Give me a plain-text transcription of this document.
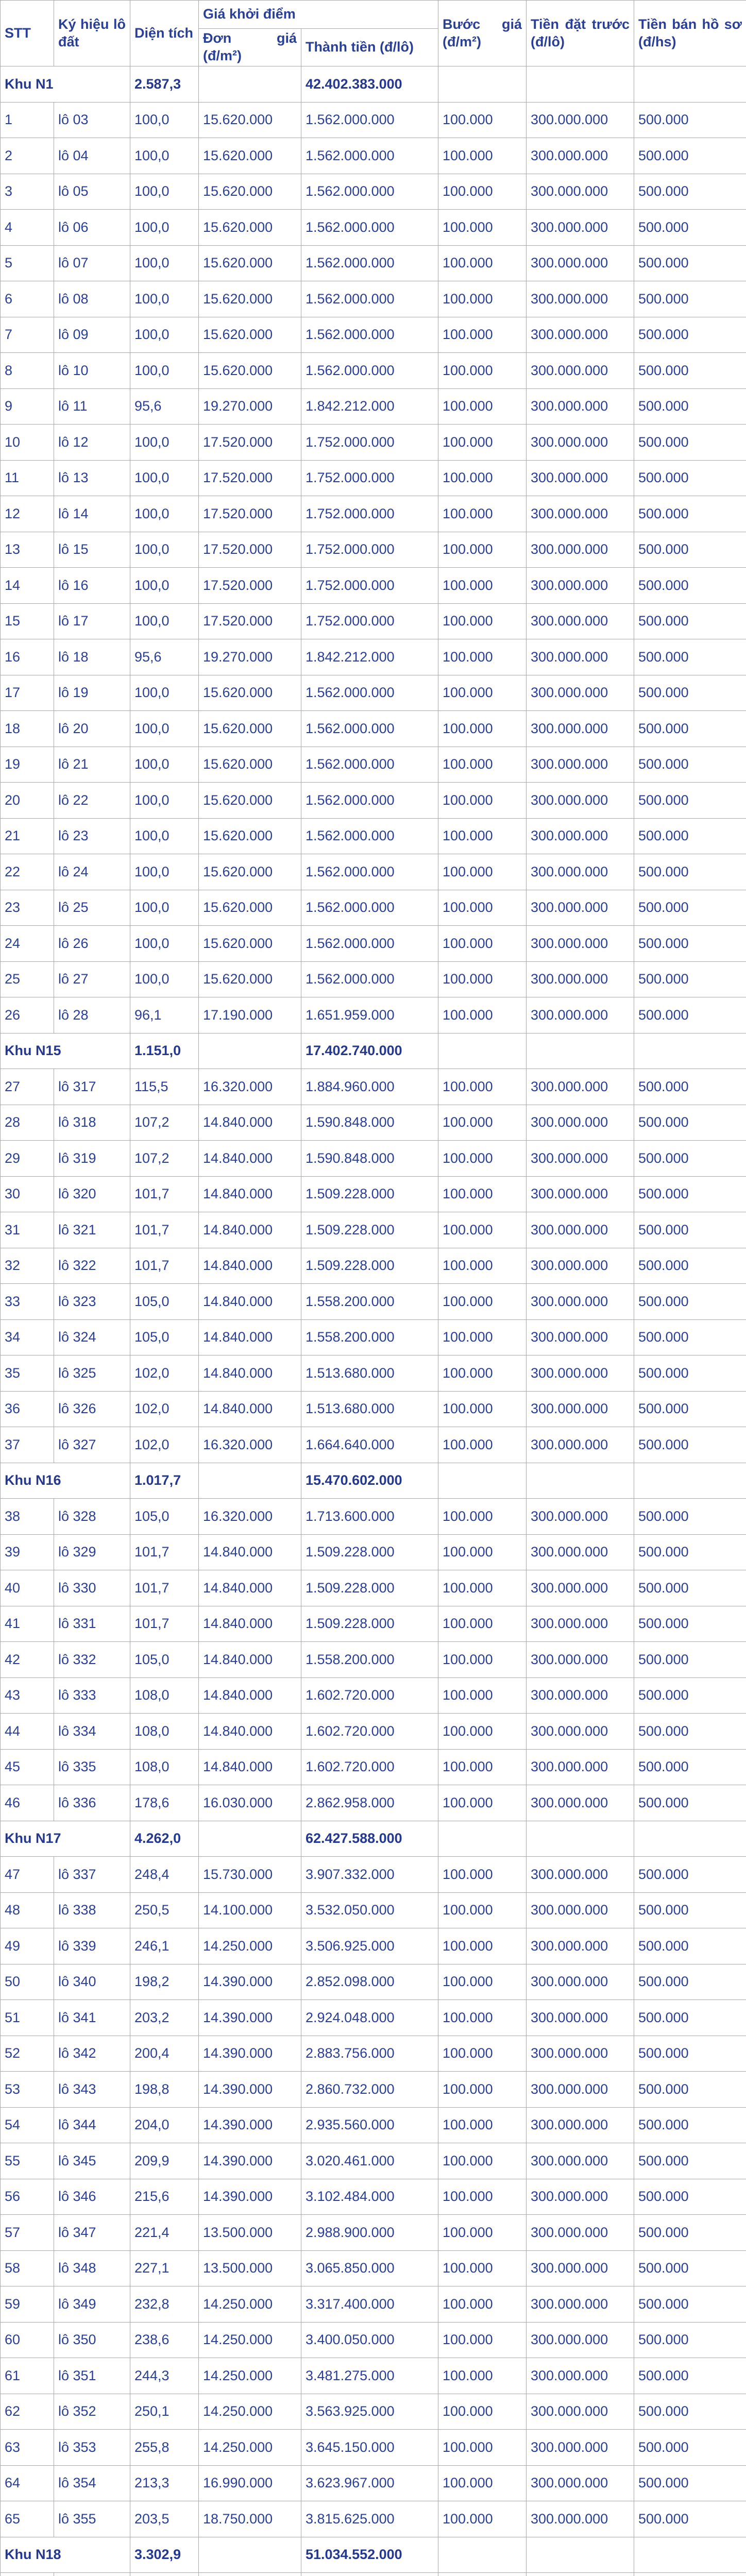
STT	Ký hiệu lô đất	Diện tích	Giá khởi điểm		Bước giá (đ/m²)	Tiền đặt trước (đ/lô)	Tiền bán hồ sơ (đ/hs)
			Đơn giá (đ/m²)	Thành tiền (đ/lô)			
Khu N1		2.587,3		42.402.383.000			
1	lô 03	100,0	15.620.000	1.562.000.000	100.000	300.000.000	500.000
2	lô 04	100,0	15.620.000	1.562.000.000	100.000	300.000.000	500.000
3	lô 05	100,0	15.620.000	1.562.000.000	100.000	300.000.000	500.000
4	lô 06	100,0	15.620.000	1.562.000.000	100.000	300.000.000	500.000
5	lô 07	100,0	15.620.000	1.562.000.000	100.000	300.000.000	500.000
6	lô 08	100,0	15.620.000	1.562.000.000	100.000	300.000.000	500.000
7	lô 09	100,0	15.620.000	1.562.000.000	100.000	300.000.000	500.000
8	lô 10	100,0	15.620.000	1.562.000.000	100.000	300.000.000	500.000
9	lô 11	95,6	19.270.000	1.842.212.000	100.000	300.000.000	500.000
10	lô 12	100,0	17.520.000	1.752.000.000	100.000	300.000.000	500.000
11	lô 13	100,0	17.520.000	1.752.000.000	100.000	300.000.000	500.000
12	lô 14	100,0	17.520.000	1.752.000.000	100.000	300.000.000	500.000
13	lô 15	100,0	17.520.000	1.752.000.000	100.000	300.000.000	500.000
14	lô 16	100,0	17.520.000	1.752.000.000	100.000	300.000.000	500.000
15	lô 17	100,0	17.520.000	1.752.000.000	100.000	300.000.000	500.000
16	lô 18	95,6	19.270.000	1.842.212.000	100.000	300.000.000	500.000
17	lô 19	100,0	15.620.000	1.562.000.000	100.000	300.000.000	500.000
18	lô 20	100,0	15.620.000	1.562.000.000	100.000	300.000.000	500.000
19	lô 21	100,0	15.620.000	1.562.000.000	100.000	300.000.000	500.000
20	lô 22	100,0	15.620.000	1.562.000.000	100.000	300.000.000	500.000
21	lô 23	100,0	15.620.000	1.562.000.000	100.000	300.000.000	500.000
22	lô 24	100,0	15.620.000	1.562.000.000	100.000	300.000.000	500.000
23	lô 25	100,0	15.620.000	1.562.000.000	100.000	300.000.000	500.000
24	lô 26	100,0	15.620.000	1.562.000.000	100.000	300.000.000	500.000
25	lô 27	100,0	15.620.000	1.562.000.000	100.000	300.000.000	500.000
26	lô 28	96,1	17.190.000	1.651.959.000	100.000	300.000.000	500.000
Khu N15		1.151,0		17.402.740.000			
27	lô 317	115,5	16.320.000	1.884.960.000	100.000	300.000.000	500.000
28	lô 318	107,2	14.840.000	1.590.848.000	100.000	300.000.000	500.000
29	lô 319	107,2	14.840.000	1.590.848.000	100.000	300.000.000	500.000
30	lô 320	101,7	14.840.000	1.509.228.000	100.000	300.000.000	500.000
31	lô 321	101,7	14.840.000	1.509.228.000	100.000	300.000.000	500.000
32	lô 322	101,7	14.840.000	1.509.228.000	100.000	300.000.000	500.000
33	lô 323	105,0	14.840.000	1.558.200.000	100.000	300.000.000	500.000
34	lô 324	105,0	14.840.000	1.558.200.000	100.000	300.000.000	500.000
35	lô 325	102,0	14.840.000	1.513.680.000	100.000	300.000.000	500.000
36	lô 326	102,0	14.840.000	1.513.680.000	100.000	300.000.000	500.000
37	lô 327	102,0	16.320.000	1.664.640.000	100.000	300.000.000	500.000
Khu N16		1.017,7		15.470.602.000			
38	lô 328	105,0	16.320.000	1.713.600.000	100.000	300.000.000	500.000
39	lô 329	101,7	14.840.000	1.509.228.000	100.000	300.000.000	500.000
40	lô 330	101,7	14.840.000	1.509.228.000	100.000	300.000.000	500.000
41	lô 331	101,7	14.840.000	1.509.228.000	100.000	300.000.000	500.000
42	lô 332	105,0	14.840.000	1.558.200.000	100.000	300.000.000	500.000
43	lô 333	108,0	14.840.000	1.602.720.000	100.000	300.000.000	500.000
44	lô 334	108,0	14.840.000	1.602.720.000	100.000	300.000.000	500.000
45	lô 335	108,0	14.840.000	1.602.720.000	100.000	300.000.000	500.000
46	lô 336	178,6	16.030.000	2.862.958.000	100.000	300.000.000	500.000
Khu N17		4.262,0		62.427.588.000			
47	lô 337	248,4	15.730.000	3.907.332.000	100.000	300.000.000	500.000
48	lô 338	250,5	14.100.000	3.532.050.000	100.000	300.000.000	500.000
49	lô 339	246,1	14.250.000	3.506.925.000	100.000	300.000.000	500.000
50	lô 340	198,2	14.390.000	2.852.098.000	100.000	300.000.000	500.000
51	lô 341	203,2	14.390.000	2.924.048.000	100.000	300.000.000	500.000
52	lô 342	200,4	14.390.000	2.883.756.000	100.000	300.000.000	500.000
53	lô 343	198,8	14.390.000	2.860.732.000	100.000	300.000.000	500.000
54	lô 344	204,0	14.390.000	2.935.560.000	100.000	300.000.000	500.000
55	lô 345	209,9	14.390.000	3.020.461.000	100.000	300.000.000	500.000
56	lô 346	215,6	14.390.000	3.102.484.000	100.000	300.000.000	500.000
57	lô 347	221,4	13.500.000	2.988.900.000	100.000	300.000.000	500.000
58	lô 348	227,1	13.500.000	3.065.850.000	100.000	300.000.000	500.000
59	lô 349	232,8	14.250.000	3.317.400.000	100.000	300.000.000	500.000
60	lô 350	238,6	14.250.000	3.400.050.000	100.000	300.000.000	500.000
61	lô 351	244,3	14.250.000	3.481.275.000	100.000	300.000.000	500.000
62	lô 352	250,1	14.250.000	3.563.925.000	100.000	300.000.000	500.000
63	lô 353	255,8	14.250.000	3.645.150.000	100.000	300.000.000	500.000
64	lô 354	213,3	16.990.000	3.623.967.000	100.000	300.000.000	500.000
65	lô 355	203,5	18.750.000	3.815.625.000	100.000	300.000.000	500.000
Khu N18		3.302,9		51.034.552.000			
